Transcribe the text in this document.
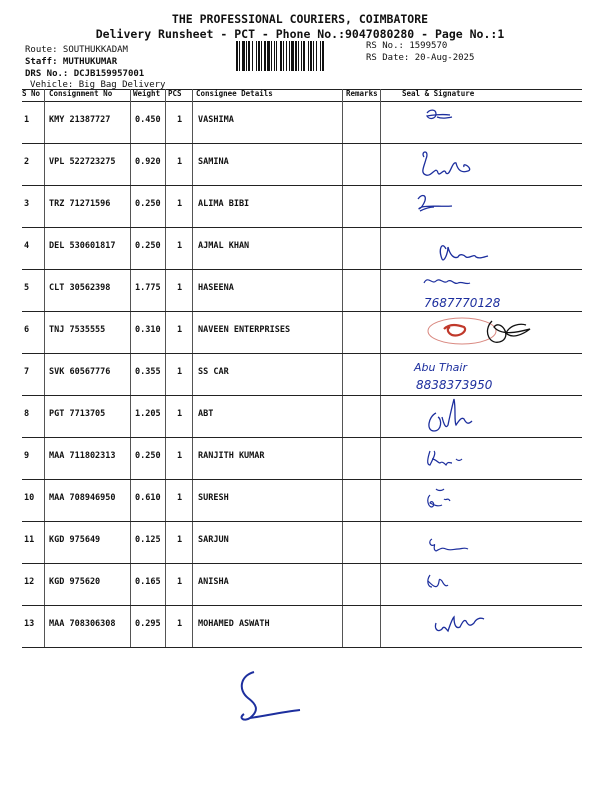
THE PROFESSIONAL COURIERS, COIMBATORE
Delivery Runsheet - PCT - Phone No.:9047080280 - Page No.:1
Route: SOUTHUKKADAM
Staff: MUTHUKUMAR
DRS No.: DCJB159957001
Vehicle: Big Bag Delivery
RS No.: 1599570
RS Date: 20-Aug-2025
S No Consignment No	Weight PCS Consignee Details	Remarks	Seal & Signature
1 KMY 21387727	0.450 1 VASHIMA
2 VPL 522723275 0.920 1 SAMINA
3 TRZ 71271596	0.250 1 ALIMA BIBI
4 DEL 530601817 0.250 1 AJMAL KHAN
5 CLT 30562398	1.775 1 HASEENA
7687770128
6 TNJ 7535555	0.310 1 NAVEEN ENTERPRISES
7 SVK 60567776	0.355 1 SS CAR	Abu Thair
8838373950
8 PGT 7713705	1.205 1 ABT
9 MAA 711802313 0.250 1 RANJITH KUMAR
10 MAA 708946950 0.610 1 SURESH
11 KGD 975649	0.125 1 SARJUN
12 KGD 975620	0.165 1 ANISHA
13 MAA 708306308 0.295 1 MOHAMED ASWATH
